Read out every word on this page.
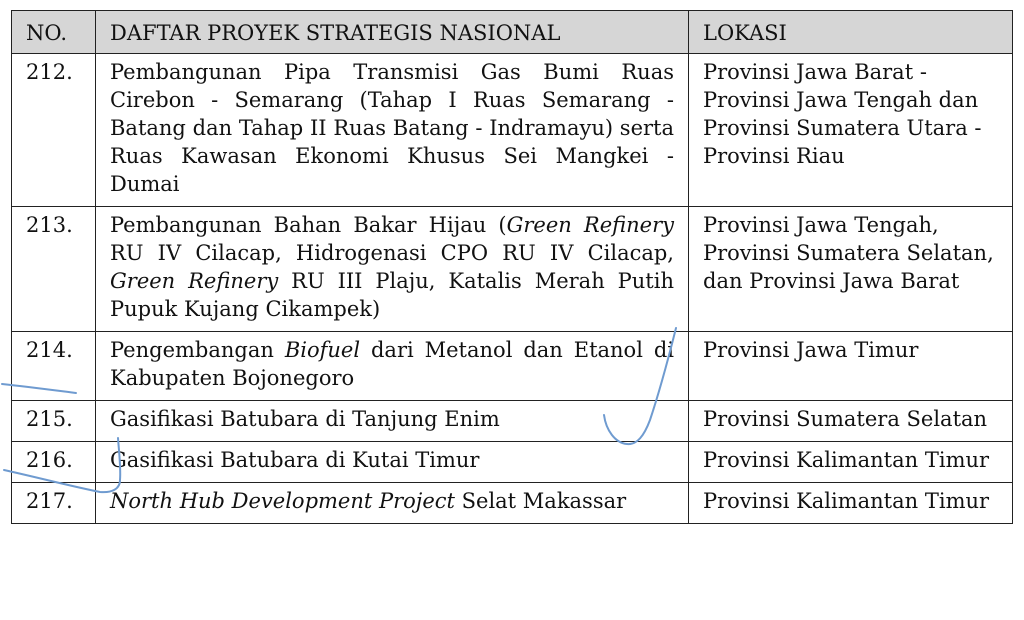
NO.	DAFTAR PROYEK STRATEGIS NASIONAL	LOKASI
212.	Pembangunan Pipa Transmisi Gas Bumi Ruas Cirebon - Semarang (Tahap I Ruas Semarang - Batang dan Tahap II Ruas Batang - Indramayu) serta Ruas Kawasan Ekonomi Khusus Sei Mangkei - Dumai	Provinsi Jawa Barat - Provinsi Jawa Tengah dan Provinsi Sumatera Utara - Provinsi Riau
213.	Pembangunan Bahan Bakar Hijau (Green Refinery RU IV Cilacap, Hidrogenasi CPO RU IV Cilacap, Green Refinery RU III Plaju, Katalis Merah Putih Pupuk Kujang Cikampek)	Provinsi Jawa Tengah, Provinsi Sumatera Selatan, dan Provinsi Jawa Barat
214.	Pengembangan Biofuel dari Metanol dan Etanol di Kabupaten Bojonegoro	Provinsi Jawa Timur
215.	Gasifikasi Batubara di Tanjung Enim	Provinsi Sumatera Selatan
216.	Gasifikasi Batubara di Kutai Timur	Provinsi Kalimantan Timur
217.	North Hub Development Project Selat Makassar	Provinsi Kalimantan Timur
